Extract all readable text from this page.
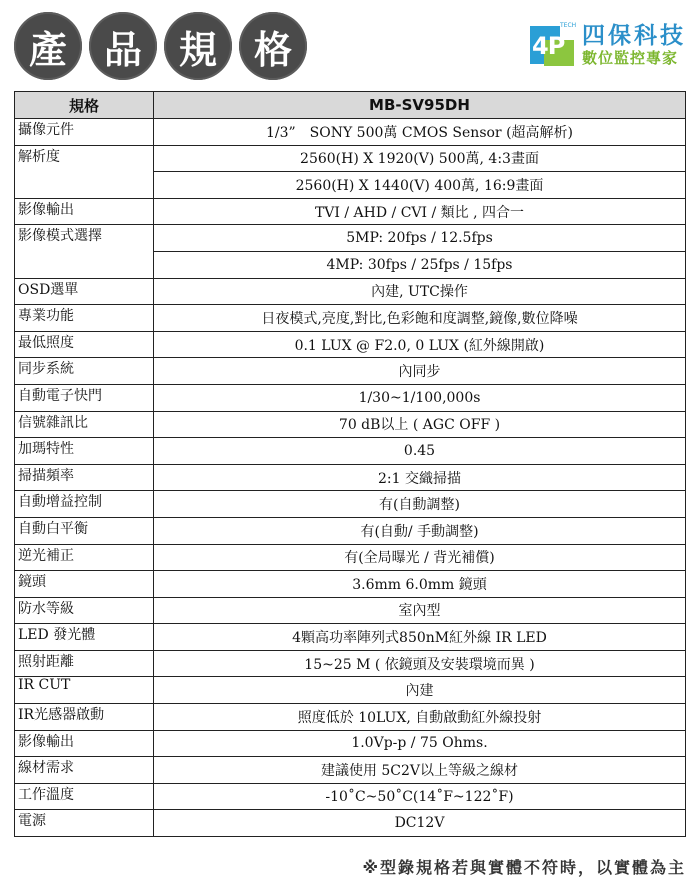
產 品 規 格	4P
TECH 四保科技
數位監控專家
規格	MB-SV95DH
攝像元件	1/3”　SONY 500萬 CMOS Sensor (超高解析)
解析度	2560(H) X 1920(V) 500萬, 4:3畫面
	2560(H) X 1440(V) 400萬, 16:9畫面
影像輸出	TVI / AHD / CVI / 類比 , 四合一
影像模式選擇	5MP: 20fps / 12.5fps
	4MP: 30fps / 25fps / 15fps
OSD選單	內建, UTC操作
專業功能	日夜模式,亮度,對比,色彩飽和度調整,鏡像,數位降噪
最低照度	0.1 LUX @ F2.0, 0 LUX (紅外線開啟)
同步系統	內同步
自動電子快門	1/30~1/100,000s
信號雜訊比	70 dB以上 ( AGC OFF )
加瑪特性	0.45
掃描頻率	2:1 交織掃描
自動增益控制	有(自動調整)
自動白平衡	有(自動/ 手動調整)
逆光補正	有(全局曝光 / 背光補償)
鏡頭	3.6mm 6.0mm 鏡頭
防水等級	室內型
LED 發光體	4顆高功率陣列式850nM紅外線 IR LED
照射距離	15~25 M ( 依鏡頭及安裝環境而異 )
IR CUT	內建
IR光感器啟動	照度低於 10LUX, 自動啟動紅外線投射
影像輸出	1.0Vp-p / 75 Ohms.
線材需求	建議使用 5C2V以上等級之線材
工作溫度	-10˚C~50˚C(14˚F~122˚F)
電源	DC12V
※型錄規格若與實體不符時，以實體為主
